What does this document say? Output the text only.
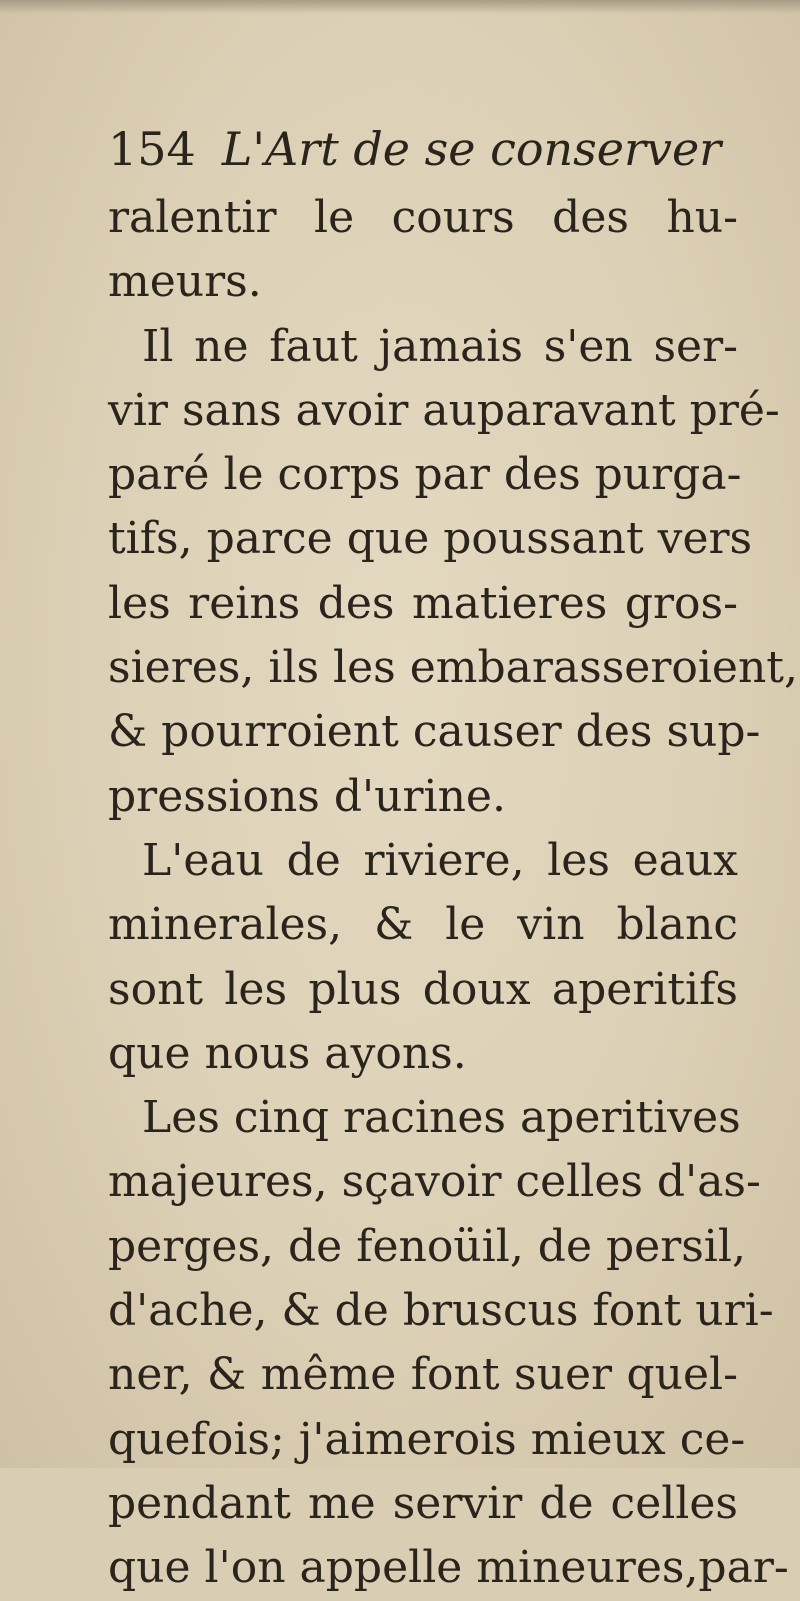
154 L'Art de se conserver
ralentir le cours des hu-
meurs.
Il ne faut jamais s'en ser-
vir sans avoir auparavant pré-
paré le corps par des purga-
tifs, parce que poussant vers
les reins des matieres gros-
sieres, ils les embarasseroient,
& pourroient causer des sup-
pressions d'urine.
L'eau de riviere, les eaux
minerales, & le vin blanc
sont les plus doux aperitifs
que nous ayons.
Les cinq racines aperitives
majeures, sçavoir celles d'as-
perges, de fenoüil, de persil,
d'ache, & de bruscus font uri-
ner, & même font suer quel-
quefois; j'aimerois mieux ce-
pendant me servir de celles
que l'on appelle mineures,par-
